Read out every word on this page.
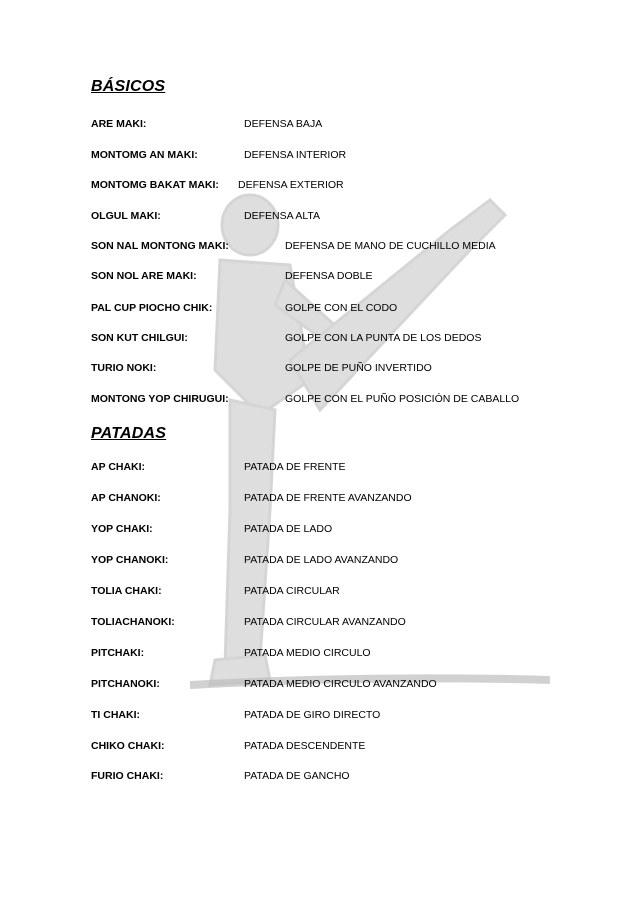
BÁSICOS
ARE MAKI:	DEFENSA BAJA
MONTOMG AN MAKI:	DEFENSA INTERIOR
MONTOMG BAKAT MAKI: DEFENSA EXTERIOR
OLGUL MAKI:	DEFENSA ALTA
SON NAL MONTONG MAKI:	DEFENSA DE MANO DE CUCHILLO MEDIA
SON NOL ARE MAKI:	DEFENSA DOBLE
PAL CUP PIOCHO CHIK:	GOLPE CON EL CODO
SON KUT CHILGUI:	GOLPE CON LA PUNTA DE LOS DEDOS
TURIO NOKI:	GOLPE DE PUÑO INVERTIDO
MONTONG YOP CHIRUGUI:	GOLPE CON EL PUÑO POSICIÓN DE CABALLO
PATADAS
AP CHAKI:	PATADA DE FRENTE
AP CHANOKI:	PATADA DE FRENTE AVANZANDO
YOP CHAKI:	PATADA DE LADO
YOP CHANOKI:	PATADA DE LADO AVANZANDO
TOLIA CHAKI:	PATADA CIRCULAR
TOLIACHANOKI:	PATADA CIRCULAR AVANZANDO
PITCHAKI:	PATADA MEDIO CIRCULO
PITCHANOKI:	PATADA MEDIO CIRCULO AVANZANDO
TI CHAKI:	PATADA DE GIRO DIRECTO
CHIKO CHAKI:	PATADA DESCENDENTE
FURIO CHAKI:	PATADA DE GANCHO
